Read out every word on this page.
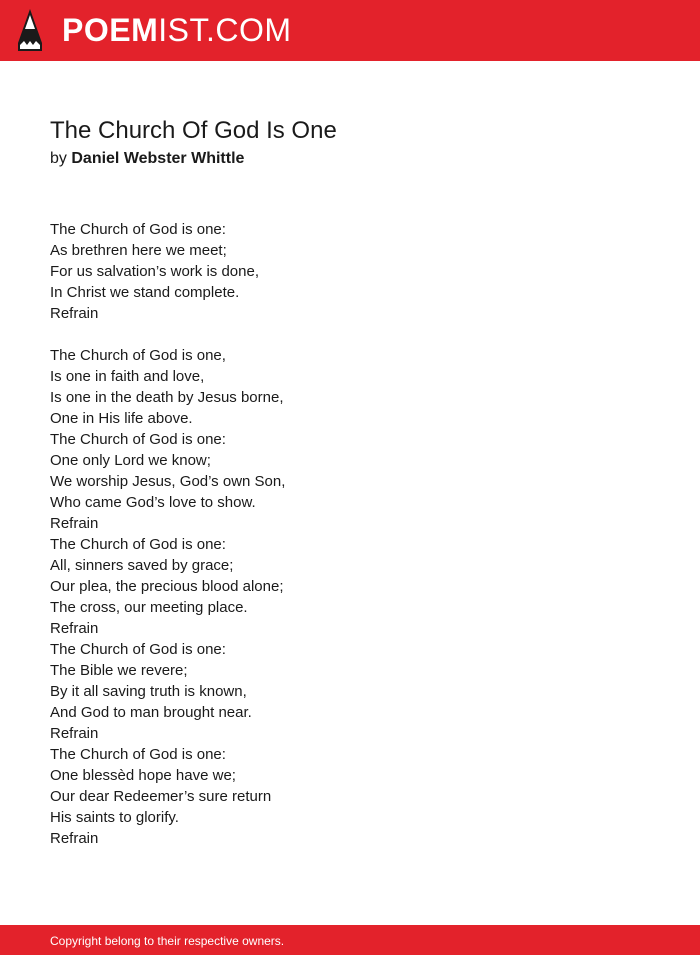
POEMIST.COM
The Church Of God Is One
by Daniel Webster Whittle
The Church of God is one:
As brethren here we meet;
For us salvation’s work is done,
In Christ we stand complete.
Refrain
The Church of God is one,
Is one in faith and love,
Is one in the death by Jesus borne,
One in His life above.
The Church of God is one:
One only Lord we know;
We worship Jesus, God’s own Son,
Who came God’s love to show.
Refrain
The Church of God is one:
All, sinners saved by grace;
Our plea, the precious blood alone;
The cross, our meeting place.
Refrain
The Church of God is one:
The Bible we revere;
By it all saving truth is known,
And God to man brought near.
Refrain
The Church of God is one:
One blessèd hope have we;
Our dear Redeemer’s sure return
His saints to glorify.
Refrain
Copyright belong to their respective owners.
